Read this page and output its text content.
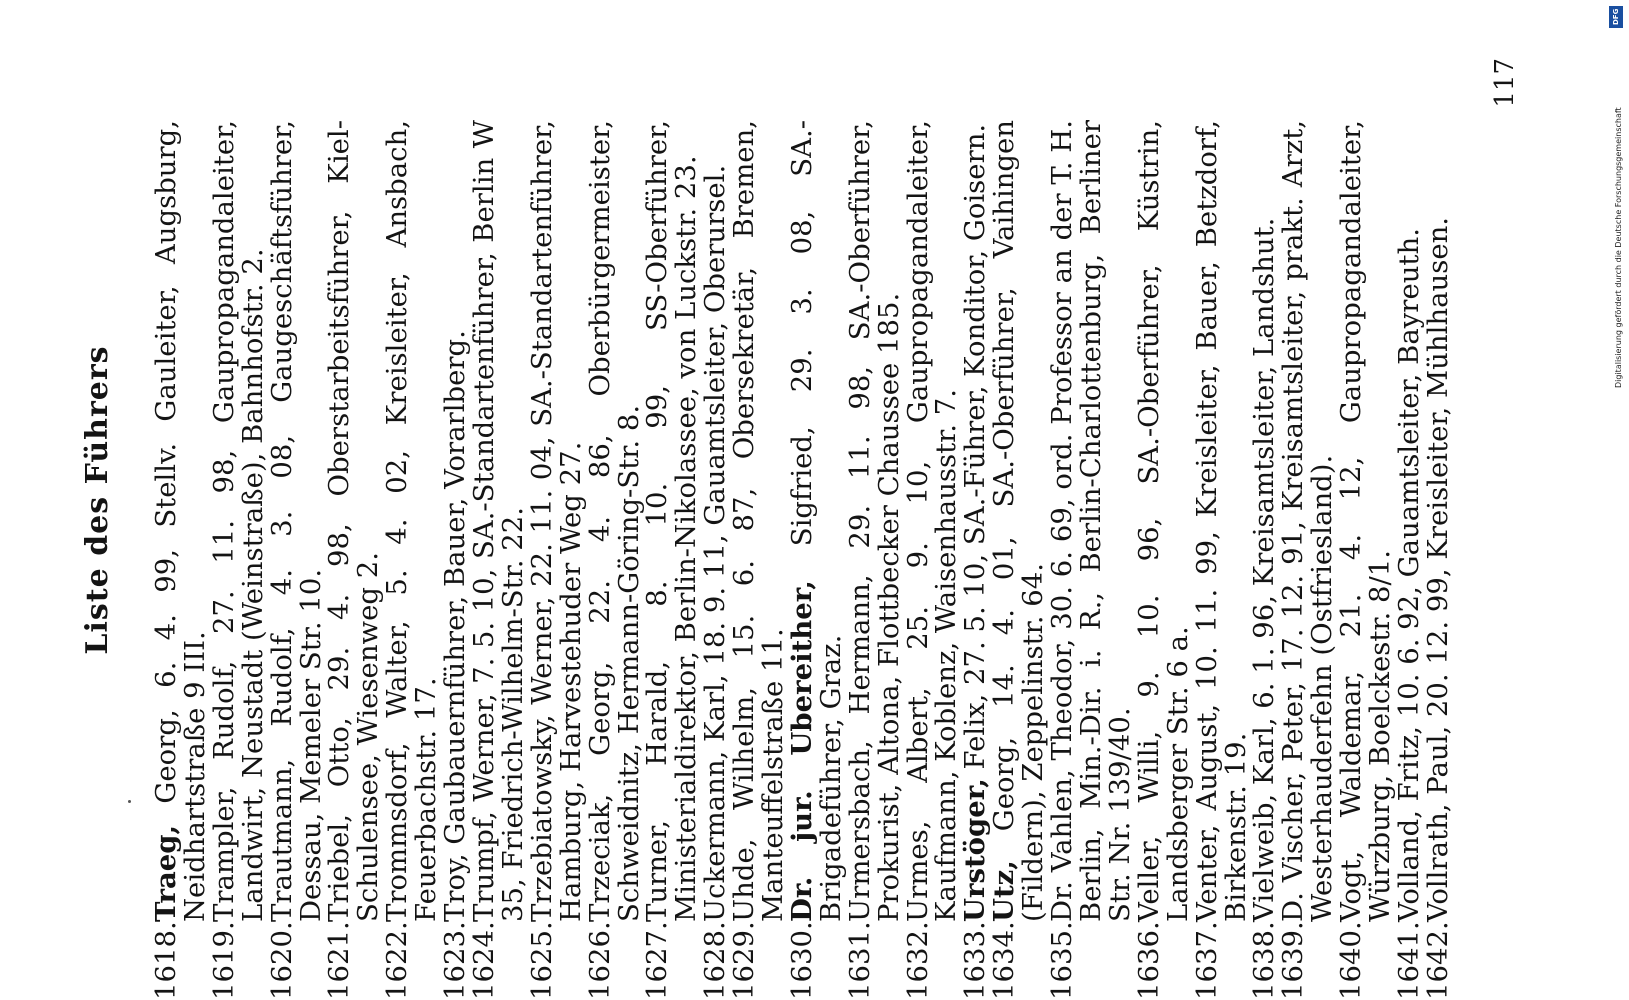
Liste des Führers
1618.
Traeg, Georg, 6. 4. 99, Stellv. Gauleiter, Augsburg, Neidhartstraße 9 III.
1619.
Trampler, Rudolf, 27. 11. 98, Gaupropagandaleiter, Landwirt, Neustadt (Weinstraße), Bahnhofstr. 2.
1620.
Trautmann, Rudolf, 4. 3. 08, Gaugeschäftsführer, Dessau, Memeler Str. 10.
1621.
Triebel, Otto, 29. 4. 98, Oberstarbeitsführer, Kiel-Schulensee, Wiesenweg 2.
1622.
Trommsdorf, Walter, 5. 4. 02, Kreisleiter, Ansbach, Feuerbachstr. 17.
1623.
Troy, Gaubauernführer, Bauer, Vorarlberg.
1624.
Trumpf, Werner, 7. 5. 10, SA.-Standartenführer, Berlin W 35, Friedrich-Wilhelm-Str. 22.
1625.
Trzebiatowsky, Werner, 22. 11. 04, SA.-Standartenführer, Hamburg, Harvestehuder Weg 27.
1626.
Trzeciak, Georg, 22. 4. 86, Oberbürgermeister, Schweidnitz, Hermann-Göring-Str. 8.
1627.
Turner, Harald, 8. 10. 99, SS-Oberführer, Ministerialdirektor, Berlin-Nikolassee, von Luckstr. 23.
1628.
Uckermann, Karl, 18. 9. 11, Gauamtsleiter, Oberursel.
1629.
Uhde, Wilhelm, 15. 6. 87, Obersekretär, Bremen, Manteuffelstraße 11.
1630.
Dr. jur. Ubereither, Sigfried, 29. 3. 08, SA.-Brigadeführer, Graz.
1631.
Urmersbach, Hermann, 29. 11. 98, SA.-Oberführer, Prokurist, Altona, Flottbecker Chaussee 185.
1632.
Urmes, Albert, 25. 9. 10, Gaupropagandaleiter, Kaufmann, Koblenz, Waisenhausstr. 7.
1633.
Urstöger, Felix, 27. 5. 10, SA.-Führer, Konditor, Goisern.
1634.
Utz, Georg, 14. 4. 01, SA.-Oberführer, Vaihingen (Fildern), Zeppelinstr. 64.
1635.
Dr. Vahlen, Theodor, 30. 6. 69, ord. Professor an der T. H. Berlin, Min.-Dir. i. R., Berlin-Charlottenburg, Berliner Str. Nr. 139/40.
1636.
Veller, Willi, 9. 10. 96, SA.-Oberführer, Küstrin, Landsberger Str. 6 a.
1637.
Venter, August, 10. 11. 99, Kreisleiter, Bauer, Betzdorf, Birkenstr. 19.
1638.
Vielweib, Karl, 6. 1. 96, Kreisamtsleiter, Landshut.
1639.
D. Vischer, Peter, 17. 12. 91, Kreisamtsleiter, prakt. Arzt, Westerhauderfehn (Ostfriesland).
1640.
Vogt, Waldemar, 21. 4. 12, Gaupropagandaleiter, Würzburg, Boelckestr. 8/1.
1641.
Volland, Fritz, 10. 6. 92, Gauamtsleiter, Bayreuth.
1642.
Vollrath, Paul, 20. 12. 99, Kreisleiter, Mühlhausen.
117
DFG
Digitalisierung gefördert durch die Deutsche Forschungsgemeinschaft
